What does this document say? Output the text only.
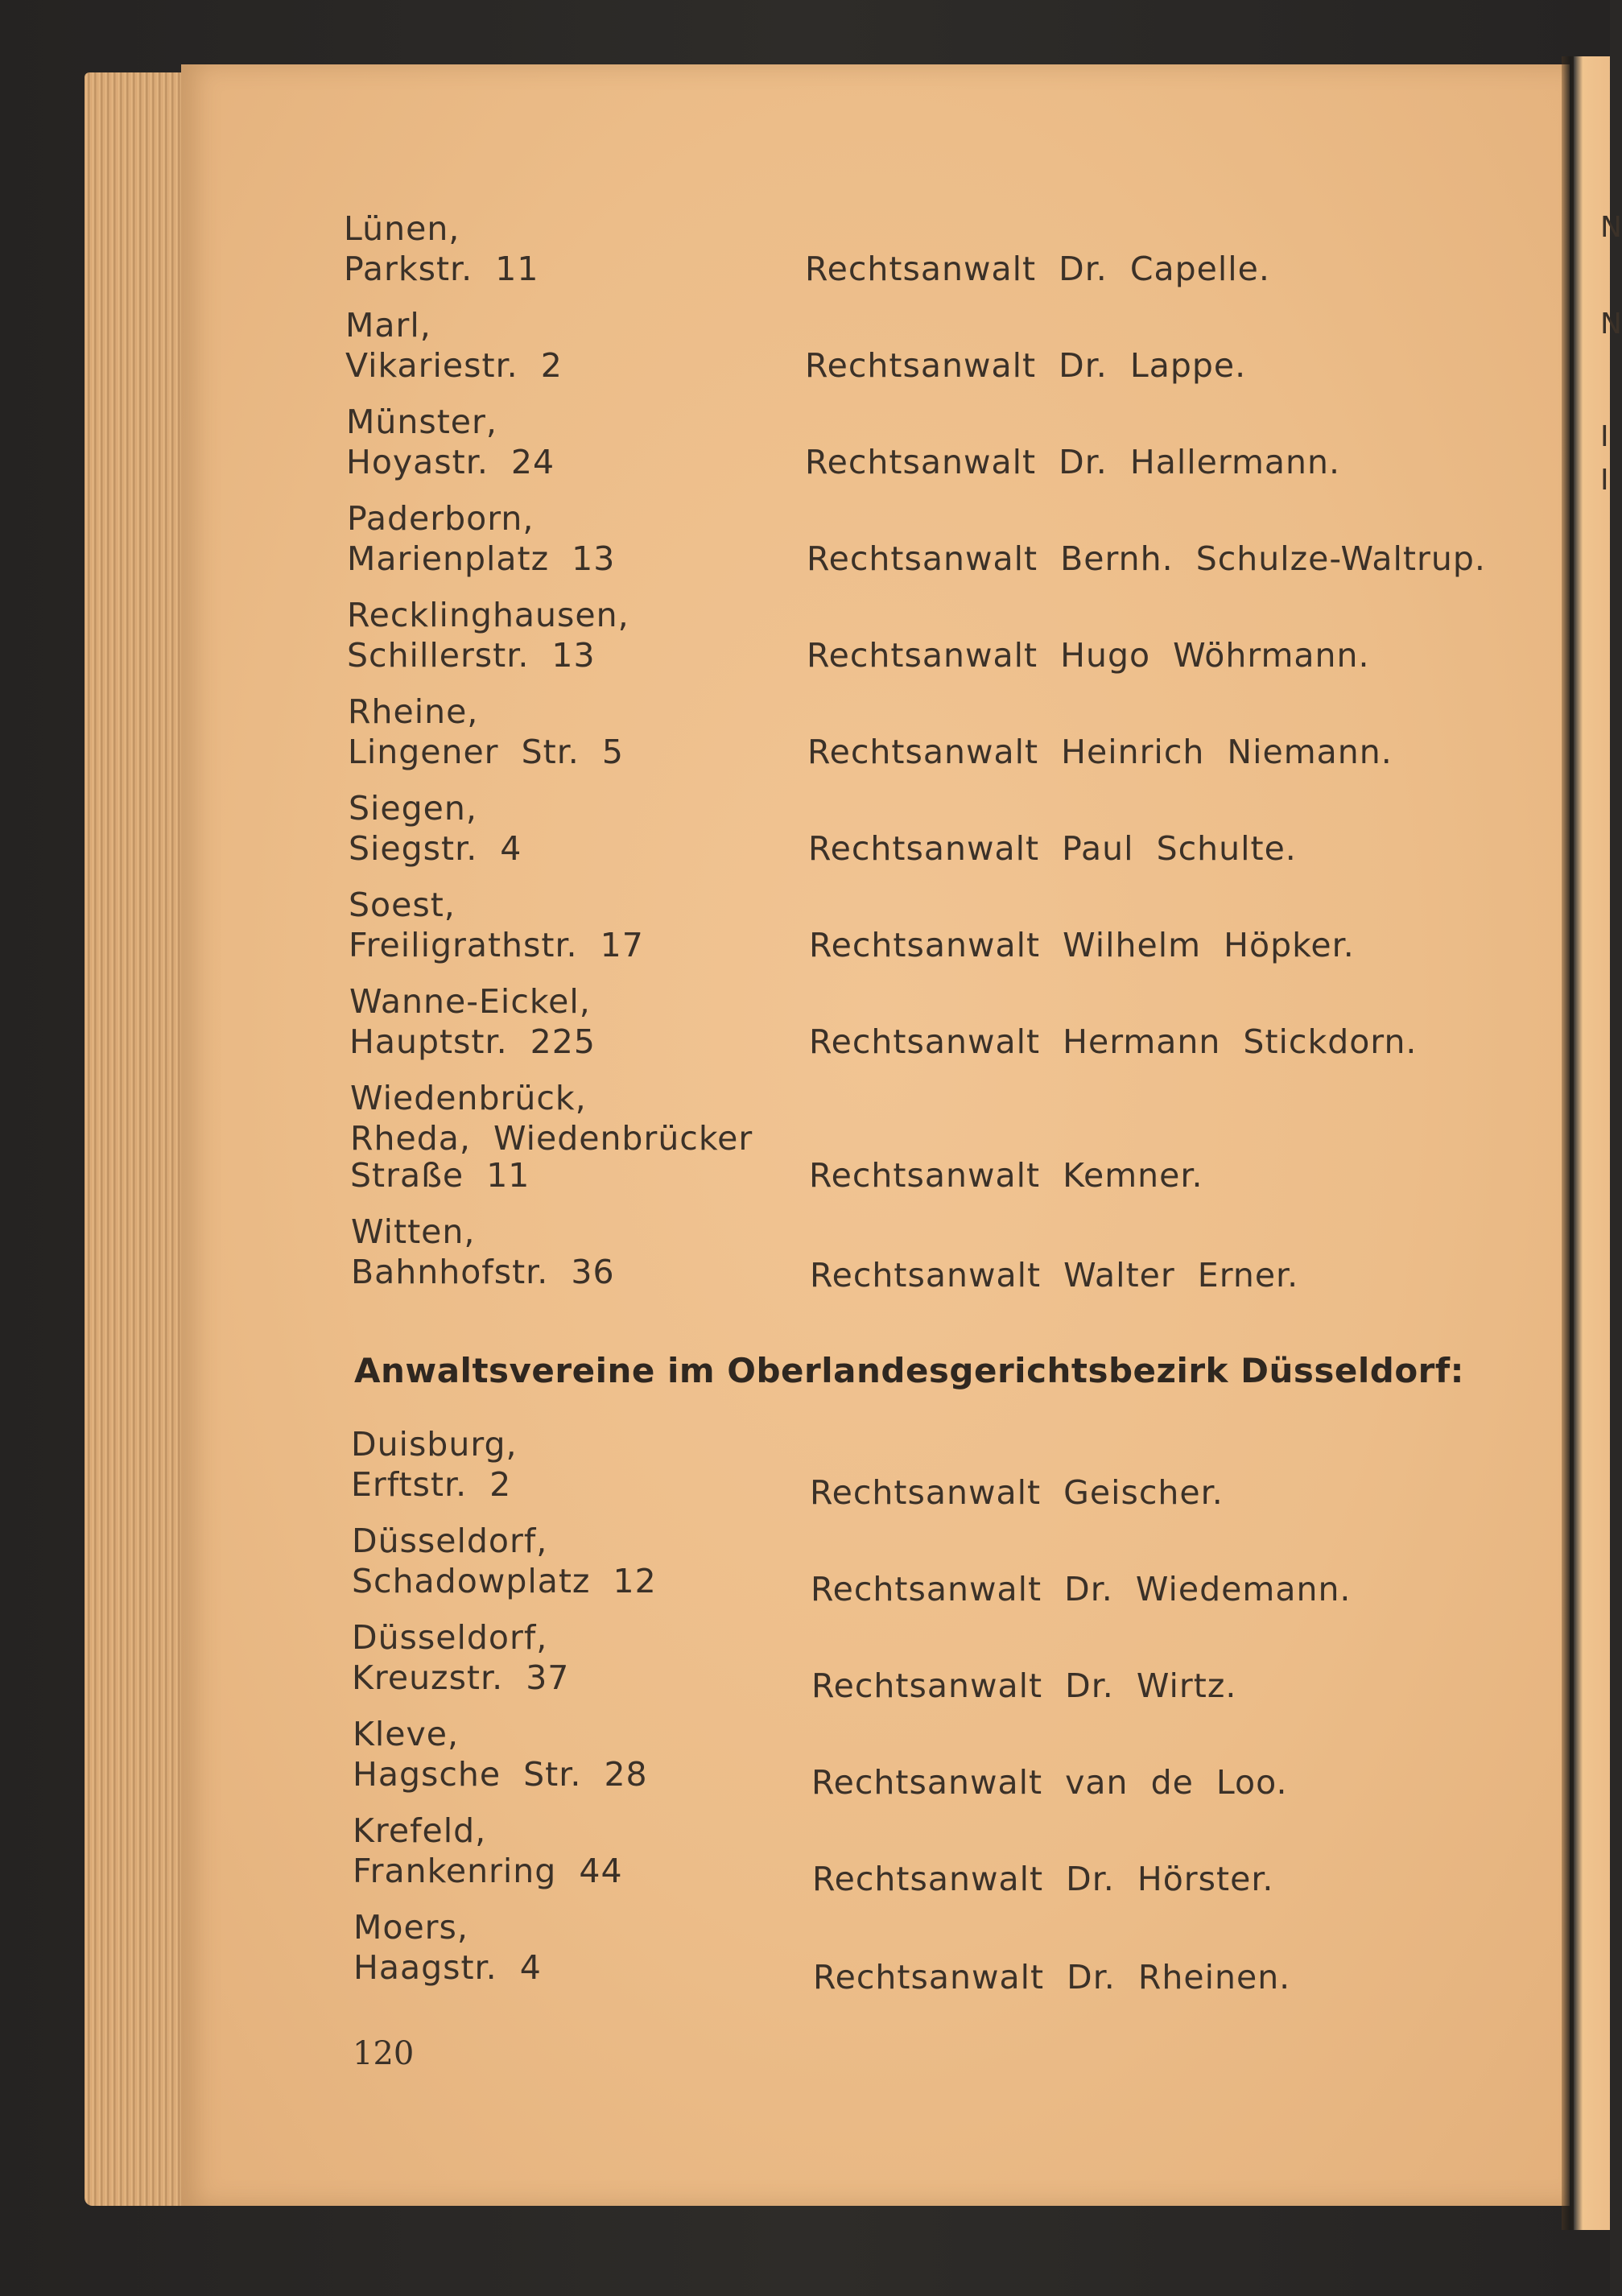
Lünen,
Parkstr.  11	Rechtsanwalt  Dr.  Capelle.
Marl,
Vikariestr.  2	Rechtsanwalt  Dr.  Lappe.
Münster,
Hoyastr.  24	Rechtsanwalt  Dr.  Hallermann.
Paderborn,
Marienplatz  13	Rechtsanwalt  Bernh.  Schulze-Waltrup.
Recklinghausen,
Schillerstr.  13	Rechtsanwalt  Hugo  Wöhrmann.
Rheine,
Lingener  Str.  5	Rechtsanwalt  Heinrich  Niemann.
Siegen,
Siegstr.  4	Rechtsanwalt  Paul  Schulte.
Soest,
Freiligrathstr.  17	Rechtsanwalt  Wilhelm  Höpker.
Wanne-Eickel,
Hauptstr.  225	Rechtsanwalt  Hermann  Stickdorn.
Wiedenbrück,
Rheda,  Wiedenbrücker
Straße  11	Rechtsanwalt  Kemner.
Witten,
Bahnhofstr.  36	Rechtsanwalt  Walter  Erner.
Anwaltsvereine im Oberlandesgerichtsbezirk Düsseldorf:
Duisburg,
Erftstr.  2	Rechtsanwalt  Geischer.
Düsseldorf,
Schadowplatz  12	Rechtsanwalt  Dr.  Wiedemann.
Düsseldorf,
Kreuzstr.  37	Rechtsanwalt  Dr.  Wirtz.
Kleve,
Hagsche  Str.  28	Rechtsanwalt  van  de  Loo.
Krefeld,
Frankenring  44	Rechtsanwalt  Dr.  Hörster.
Moers,
Haagstr.  4	Rechtsanwalt  Dr.  Rheinen.
120
N
N
I
I
